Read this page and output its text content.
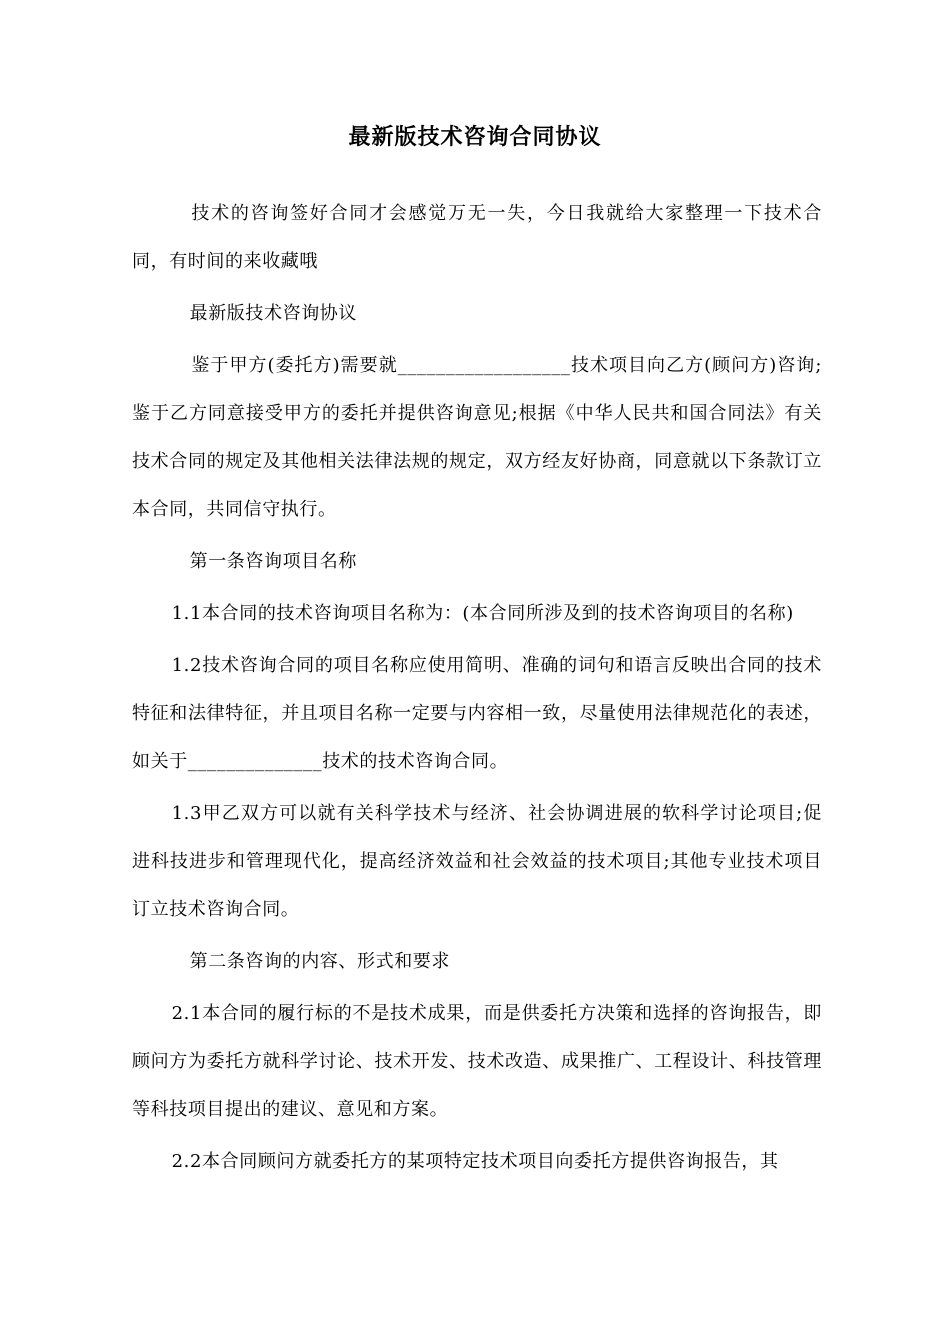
最新版技术咨询合同协议

技术的咨询签好合同才会感觉万无一失，今日我就给大家整理一下技术合同，有时间的来收藏哦

最新版技术咨询协议

鉴于甲方(委托方)需要就__________________技术项目向乙方(顾问方)咨询;鉴于乙方同意接受甲方的委托并提供咨询意见;根据《中华人民共和国合同法》有关技术合同的规定及其他相关法律法规的规定，双方经友好协商，同意就以下条款订立本合同，共同信守执行。

第一条咨询项目名称

1.1本合同的技术咨询项目名称为：(本合同所涉及到的技术咨询项目的名称)

1.2技术咨询合同的项目名称应使用简明、准确的词句和语言反映出合同的技术特征和法律特征，并且项目名称一定要与内容相一致，尽量使用法律规范化的表述，如关于______________技术的技术咨询合同。

1.3甲乙双方可以就有关科学技术与经济、社会协调进展的软科学讨论项目;促进科技进步和管理现代化，提高经济效益和社会效益的技术项目;其他专业技术项目订立技术咨询合同。

第二条咨询的内容、形式和要求

2.1本合同的履行标的不是技术成果，而是供委托方决策和选择的咨询报告，即顾问方为委托方就科学讨论、技术开发、技术改造、成果推广、工程设计、科技管理等科技项目提出的建议、意见和方案。

2.2本合同顾问方就委托方的某项特定技术项目向委托方提供咨询报告，其
